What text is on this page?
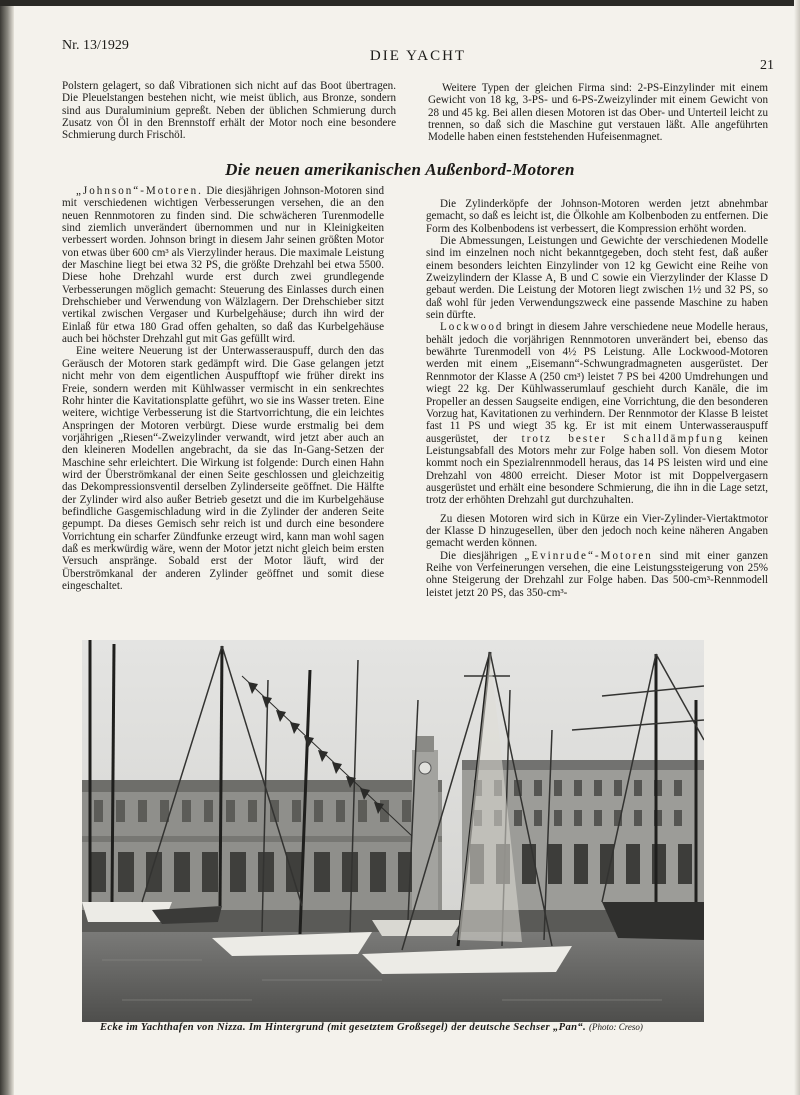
Nr. 13/1929
DIE YACHT
21

Polstern gelagert, so daß Vibrationen sich nicht auf das Boot übertragen. Die Pleuelstangen bestehen nicht, wie meist üblich, aus Bronze, sondern sind aus Duraluminium gepreßt. Neben der üblichen Schmierung durch Zusatz von Öl in den Brennstoff erhält der Motor noch eine besondere Schmierung durch Frischöl.

Weitere Typen der gleichen Firma sind: 2-PS-Einzylinder mit einem Gewicht von 18 kg, 3-PS- und 6-PS-Zweizylinder mit einem Gewicht von 28 und 45 kg. Bei allen diesen Motoren ist das Ober- und Unterteil leicht zu trennen, so daß sich die Maschine gut verstauen läßt. Alle angeführten Modelle haben einen feststehenden Hufeisenmagnet.

Die neuen amerikanischen Außenbord-Motoren

„Johnson“-Motoren. Die diesjährigen Johnson-Motoren sind mit verschiedenen wichtigen Verbesserungen versehen, die an den neuen Rennmotoren zu finden sind. Die schwächeren Turenmodelle sind ziemlich unverändert übernommen und nur in Kleinigkeiten verbessert worden. Johnson bringt in diesem Jahr seinen größten Motor von etwas über 600 cm³ als Vierzylinder heraus. Die maximale Leistung der Maschine liegt bei etwa 32 PS, die größte Drehzahl bei etwa 5500. Diese hohe Drehzahl wurde erst durch zwei grundlegende Verbesserungen möglich gemacht: Steuerung des Einlasses durch einen Drehschieber und Verwendung von Wälzlagern. Der Drehschieber sitzt vertikal zwischen Vergaser und Kurbelgehäuse; durch ihn wird der Einlaß für etwa 180 Grad offen gehalten, so daß das Kurbelgehäuse auch bei höchster Drehzahl gut mit Gas gefüllt wird.

Eine weitere Neuerung ist der Unterwasserauspuff, durch den das Geräusch der Motoren stark gedämpft wird. Die Gase gelangen jetzt nicht mehr von dem eigentlichen Auspufftopf wie früher direkt ins Freie, sondern werden mit Kühlwasser vermischt in ein senkrechtes Rohr hinter die Kavitationsplatte geführt, wo sie ins Wasser treten. Eine weitere, wichtige Verbesserung ist die Startvorrichtung, die ein leichtes Anspringen der Motoren verbürgt. Diese wurde erstmalig bei dem vorjährigen „Riesen“-Zweizylinder verwandt, wird jetzt aber auch an den kleineren Modellen angebracht, da sie das In-Gang-Setzen der Maschine sehr erleichtert. Die Wirkung ist folgende: Durch einen Hahn wird der Überströmkanal der einen Seite geschlossen und gleichzeitig das Dekompressionsventil derselben Zylinderseite geöffnet. Die Hälfte der Zylinder wird also außer Betrieb gesetzt und die im Kurbelgehäuse befindliche Gasgemischladung wird in die Zylinder der anderen Seite gepumpt. Da dieses Gemisch sehr reich ist und durch eine besondere Vorrichtung ein scharfer Zündfunke erzeugt wird, kann man wohl sagen daß es merkwürdig wäre, wenn der Motor jetzt nicht gleich beim ersten Versuch anspränge. Sobald erst der Motor läuft, wird der Überströmkanal der anderen Zylinder geöffnet und somit diese eingeschaltet.

Die Zylinderköpfe der Johnson-Motoren werden jetzt abnehmbar gemacht, so daß es leicht ist, die Ölkohle am Kolbenboden zu entfernen. Die Form des Kolbenbodens ist verbessert, die Kompression erhöht worden.

Die Abmessungen, Leistungen und Gewichte der verschiedenen Modelle sind im einzelnen noch nicht bekanntgegeben, doch steht fest, daß außer einem besonders leichten Einzylinder von 12 kg Gewicht eine Reihe von Zweizylindern der Klasse A, B und C sowie ein Vierzylinder der Klasse D gebaut werden. Die Leistung der Motoren liegt zwischen 1½ und 32 PS, so daß wohl für jeden Verwendungszweck eine passende Maschine zu haben sein dürfte.

Lockwood bringt in diesem Jahre verschiedene neue Modelle heraus, behält jedoch die vorjährigen Rennmotoren unverändert bei, ebenso das bewährte Turenmodell von 4½ PS Leistung. Alle Lockwood-Motoren werden mit einem „Eisemann“-Schwungradmagneten ausgerüstet. Der Rennmotor der Klasse A (250 cm³) leistet 7 PS bei 4200 Umdrehungen und wiegt 22 kg. Der Kühlwasserumlauf geschieht durch Kanäle, die im Propeller an dessen Saugseite endigen, eine Vorrichtung, die den besonderen Vorzug hat, Kavitationen zu verhindern. Der Rennmotor der Klasse B leistet fast 11 PS und wiegt 35 kg. Er ist mit einem Unterwasserauspuff ausgerüstet, der trotz bester Schalldämpfung keinen Leistungsabfall des Motors mehr zur Folge haben soll. Von diesem Motor kommt noch ein Spezialrennmodell heraus, das 14 PS leisten wird und eine Drehzahl von 4800 erreicht. Dieser Motor ist mit Doppelvergasern ausgerüstet und erhält eine besondere Schmierung, die ihn in die Lage setzt, trotz der erhöhten Drehzahl gut durchzuhalten.

Zu diesen Motoren wird sich in Kürze ein Vier-Zylinder-Viertaktmotor der Klasse D hinzugesellen, über den jedoch noch keine näheren Angaben gemacht werden können.

Die diesjährigen „Evinrude“-Motoren sind mit einer ganzen Reihe von Verfeinerungen versehen, die eine Leistungssteigerung von 25% ohne Steigerung der Drehzahl zur Folge haben. Das 500-cm³-Rennmodell leistet jetzt 20 PS, das 350-cm³-

Ecke im Yachthafen von Nizza. Im Hintergrund (mit gesetztem Großsegel) der deutsche Sechser „Pan“. (Photo: Creso)
